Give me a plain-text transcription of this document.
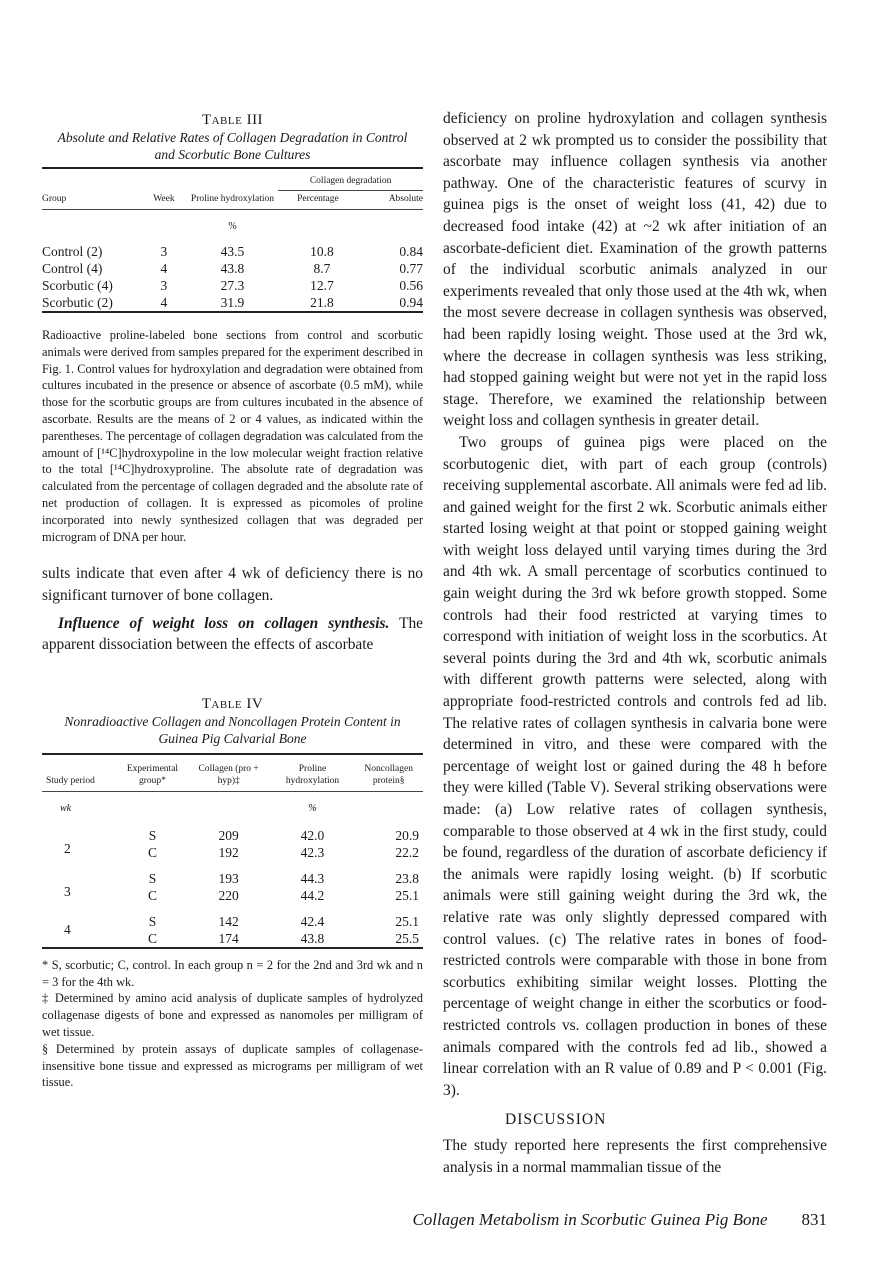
Table III
Absolute and Relative Rates of Collagen Degradation in Control and Scorbutic Bone Cultures
			Collagen degradation	
Group	Week	Proline hydroxylation	Percentage	Absolute
		%		
Control (2)	3	43.5	10.8	0.84
Control (4)	4	43.8	8.7	0.77
Scorbutic (4)	3	27.3	12.7	0.56
Scorbutic (2)	4	31.9	21.8	0.94

Radioactive proline-labeled bone sections from control and scorbutic animals were derived from samples prepared for the experiment described in Fig. 1. Control values for hydroxylation and degradation were obtained from cultures incubated in the presence or absence of ascorbate (0.5 mM), while those for the scorbutic groups are from cultures incubated in the absence of ascorbate. Results are the means of 2 or 4 values, as indicated within the parentheses. The percentage of collagen degradation was calculated from the amount of [¹⁴C]hydroxypoline in the low molecular weight fraction relative to the total [¹⁴C]hydroxyproline. The absolute rate of degradation was calculated from the percentage of collagen degraded and the absolute rate of net production of collagen. It is expressed as picomoles of proline incorporated into newly synthesized collagen that was degraded per microgram of DNA per hour.

sults indicate that even after 4 wk of deficiency there is no significant turnover of bone collagen.

Influence of weight loss on collagen synthesis. The apparent dissociation between the effects of ascorbate

Table IV
Nonradioactive Collagen and Noncollagen Protein Content in Guinea Pig Calvarial Bone
Study period	Experimental group*	Collagen (pro + hyp)‡	Proline hydroxylation	Noncollagen protein§
wk			%	
2	S	209	42.0	20.9
	C	192	42.3	22.2
3	S	193	44.3	23.8
	C	220	44.2	25.1
4	S	142	42.4	25.1
	C	174	43.8	25.5

* S, scorbutic; C, control. In each group n = 2 for the 2nd and 3rd wk and n = 3 for the 4th wk.

‡ Determined by amino acid analysis of duplicate samples of hydrolyzed collagenase digests of bone and expressed as nanomoles per milligram of wet tissue.

§ Determined by protein assays of duplicate samples of collagenase-insensitive bone tissue and expressed as micrograms per milligram of wet tissue.

deficiency on proline hydroxylation and collagen synthesis observed at 2 wk prompted us to consider the possibility that ascorbate may influence collagen synthesis via another pathway. One of the characteristic features of scurvy in guinea pigs is the onset of weight loss (41, 42) due to decreased food intake (42) at ~2 wk after initiation of an ascorbate-deficient diet. Examination of the growth patterns of the individual scorbutic animals analyzed in our experiments revealed that only those used at the 4th wk, when the most severe decrease in collagen synthesis was observed, had been rapidly losing weight. Those used at the 3rd wk, where the decrease in collagen synthesis was less striking, had stopped gaining weight but were not yet in the rapid loss stage. Therefore, we examined the relationship between weight loss and collagen synthesis in greater detail.

Two groups of guinea pigs were placed on the scorbutogenic diet, with part of each group (controls) receiving supplemental ascorbate. All animals were fed ad lib. and gained weight for the first 2 wk. Scorbutic animals either started losing weight at that point or stopped gaining weight with weight loss delayed until varying times during the 3rd and 4th wk. A small percentage of scorbutics continued to gain weight during the 3rd wk before growth stopped. Some controls had their food restricted at varying times to correspond with initiation of weight loss in the scorbutics. At several points during the 3rd and 4th wk, scorbutic animals with different growth patterns were selected, along with appropriate food-restricted controls and controls fed ad lib. The relative rates of collagen synthesis in calvaria bone were determined in vitro, and these were compared with the percentage of weight lost or gained during the 48 h before they were killed (Table V). Several striking observations were made: (a) Low relative rates of collagen synthesis, comparable to those observed at 4 wk in the first study, could be found, regardless of the duration of ascorbate deficiency if the animals were rapidly losing weight. (b) If scorbutic animals were still gaining weight during the 3rd wk, the relative rate was only slightly depressed compared with control values. (c) The relative rates in bones of food-restricted controls were comparable with those in bone from scorbutics exhibiting similar weight losses. Plotting the percentage of weight change in either the scorbutics or food-restricted controls vs. collagen production in bones of these animals compared with the controls fed ad lib., showed a linear correlation with an R value of 0.89 and P < 0.001 (Fig. 3).

DISCUSSION

The study reported here represents the first comprehensive analysis in a normal mammalian tissue of the

Collagen Metabolism in Scorbutic Guinea Pig Bone 831
